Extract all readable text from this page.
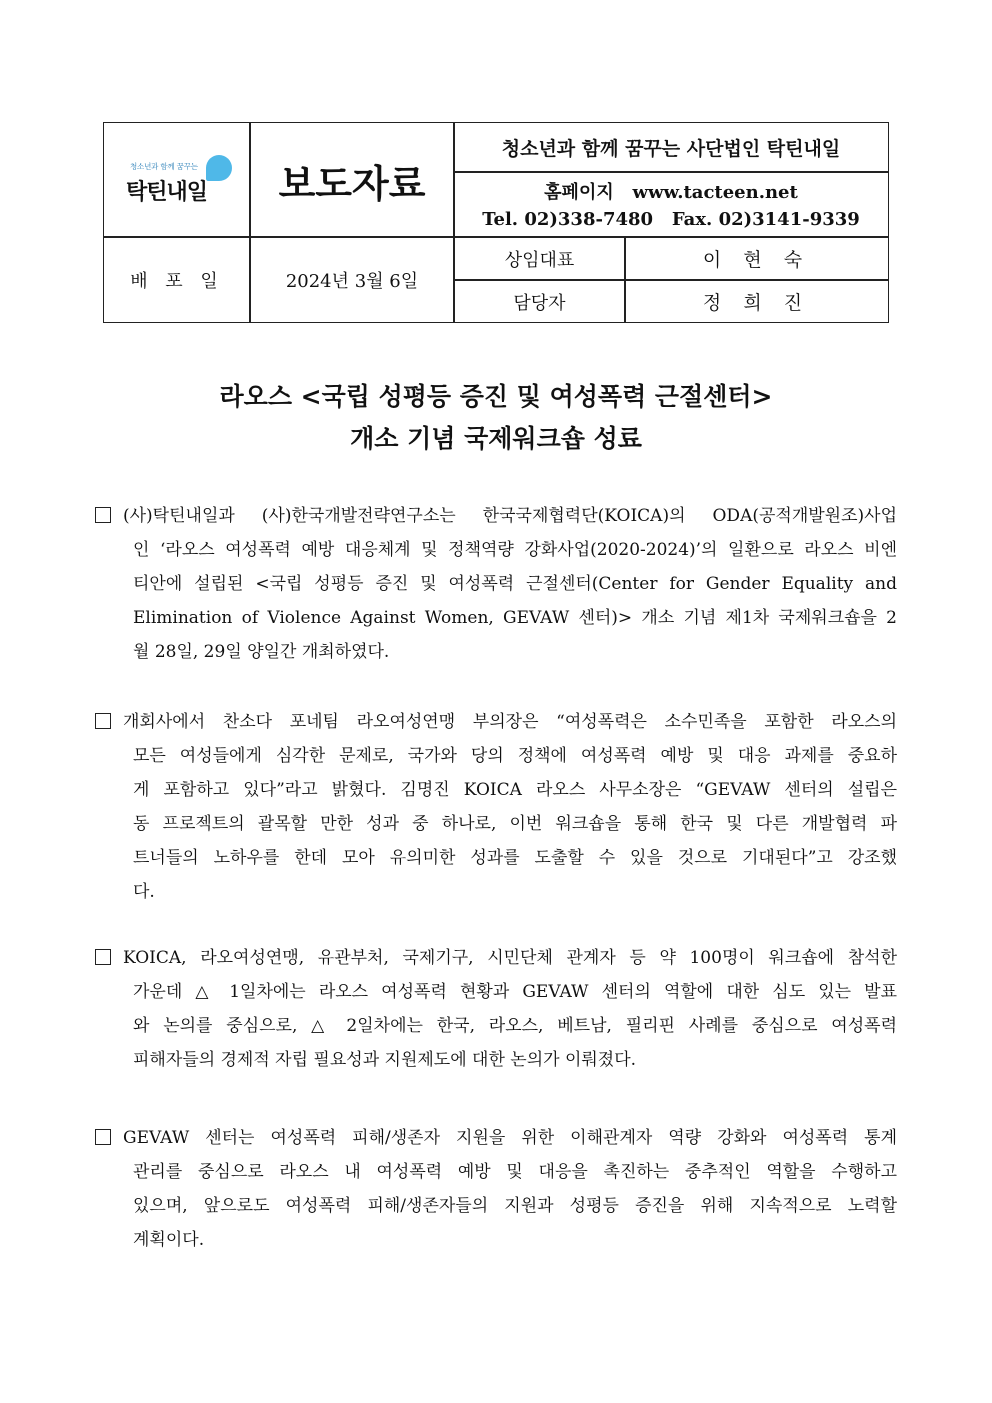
청소년과 함께 꿈꾸는
탁틴내일	보도자료
청소년과 함께 꿈꾸는 사단법인 탁틴내일
홈페이지   www.tacteen.net
Tel. 02)338-7480   Fax. 02)3141-9339
배 포 일	2024년 3월 6일
상임대표	이 현 숙
담당자	정 희 진
라오스 <국립 성평등 증진 및 여성폭력 근절센터>
개소 기념 국제워크숍 성료
(사)탁틴내일과 (사)한국개발전략연구소는 한국국제협력단(KOICA)의 ODA(공적개발원조)사업
인 ‘라오스 여성폭력 예방 대응체계 및 정책역량 강화사업(2020-2024)’의 일환으로 라오스 비엔
티안에 설립된 <국립 성평등 증진 및 여성폭력 근절센터(Center for Gender Equality and
Elimination of Violence Against Women, GEVAW 센터)> 개소 기념 제1차 국제워크숍을 2
월 28일, 29일 양일간 개최하였다.
개회사에서 찬소다 포네팀 라오여성연맹 부의장은 “여성폭력은 소수민족을 포함한 라오스의
모든 여성들에게 심각한 문제로, 국가와 당의 정책에 여성폭력 예방 및 대응 과제를 중요하
게 포함하고 있다”라고 밝혔다. 김명진 KOICA 라오스 사무소장은 “GEVAW 센터의 설립은
동 프로젝트의 괄목할 만한 성과 중 하나로, 이번 워크숍을 통해 한국 및 다른 개발협력 파
트너들의 노하우를 한데 모아 유의미한 성과를 도출할 수 있을 것으로 기대된다”고 강조했
다.
KOICA, 라오여성연맹, 유관부처, 국제기구, 시민단체 관계자 등 약 100명이 워크숍에 참석한
가운데 △ 1일차에는 라오스 여성폭력 현황과 GEVAW 센터의 역할에 대한 심도 있는 발표
와 논의를 중심으로, △ 2일차에는 한국, 라오스, 베트남, 필리핀 사례를 중심으로 여성폭력
피해자들의 경제적 자립 필요성과 지원제도에 대한 논의가 이뤄졌다.
GEVAW 센터는 여성폭력 피해/생존자 지원을 위한 이해관계자 역량 강화와 여성폭력 통계
관리를 중심으로 라오스 내 여성폭력 예방 및 대응을 촉진하는 중추적인 역할을 수행하고
있으며, 앞으로도 여성폭력 피해/생존자들의 지원과 성평등 증진을 위해 지속적으로 노력할
계획이다.
